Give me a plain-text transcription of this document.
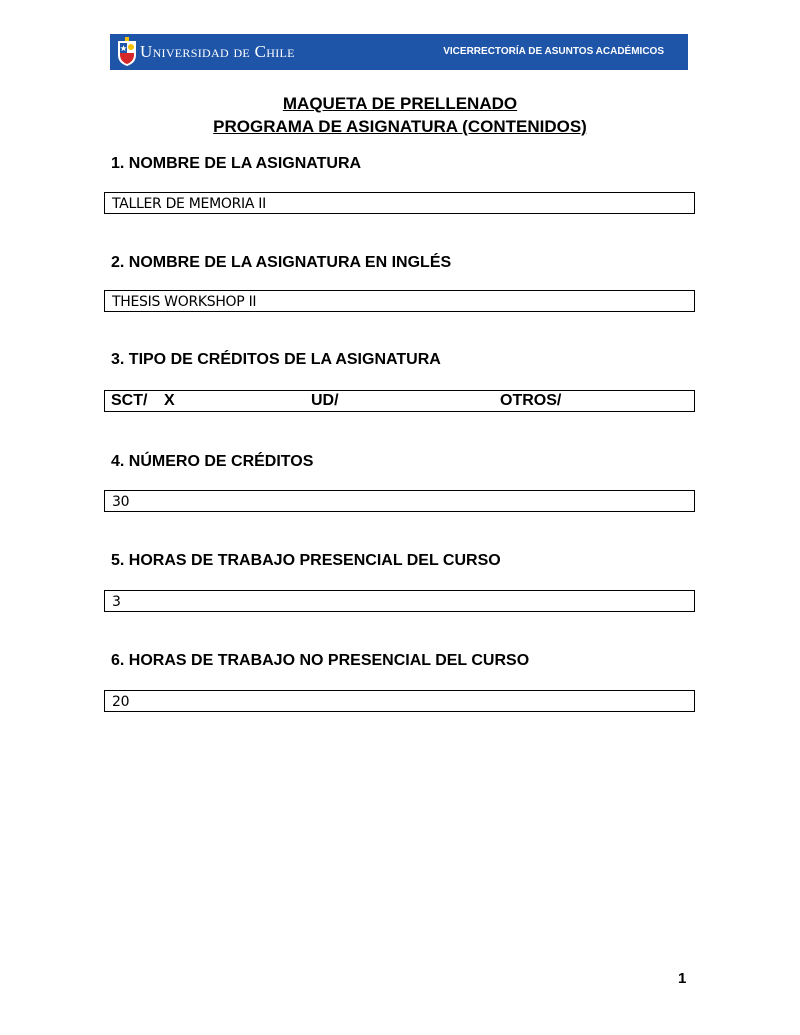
Universidad de Chile	VICERRECTORÍA DE ASUNTOS ACADÉMICOS
MAQUETA DE PRELLENADO
PROGRAMA DE ASIGNATURA (CONTENIDOS)
1. NOMBRE DE LA ASIGNATURA
TALLER DE MEMORIA II
2. NOMBRE DE LA ASIGNATURA EN INGLÉS
THESIS WORKSHOP II
3. TIPO DE CRÉDITOS DE LA ASIGNATURA
SCT/ X	UD/	OTROS/
4. NÚMERO DE CRÉDITOS
30
5. HORAS DE TRABAJO PRESENCIAL DEL CURSO
3
6. HORAS DE TRABAJO NO PRESENCIAL DEL CURSO
20
1
